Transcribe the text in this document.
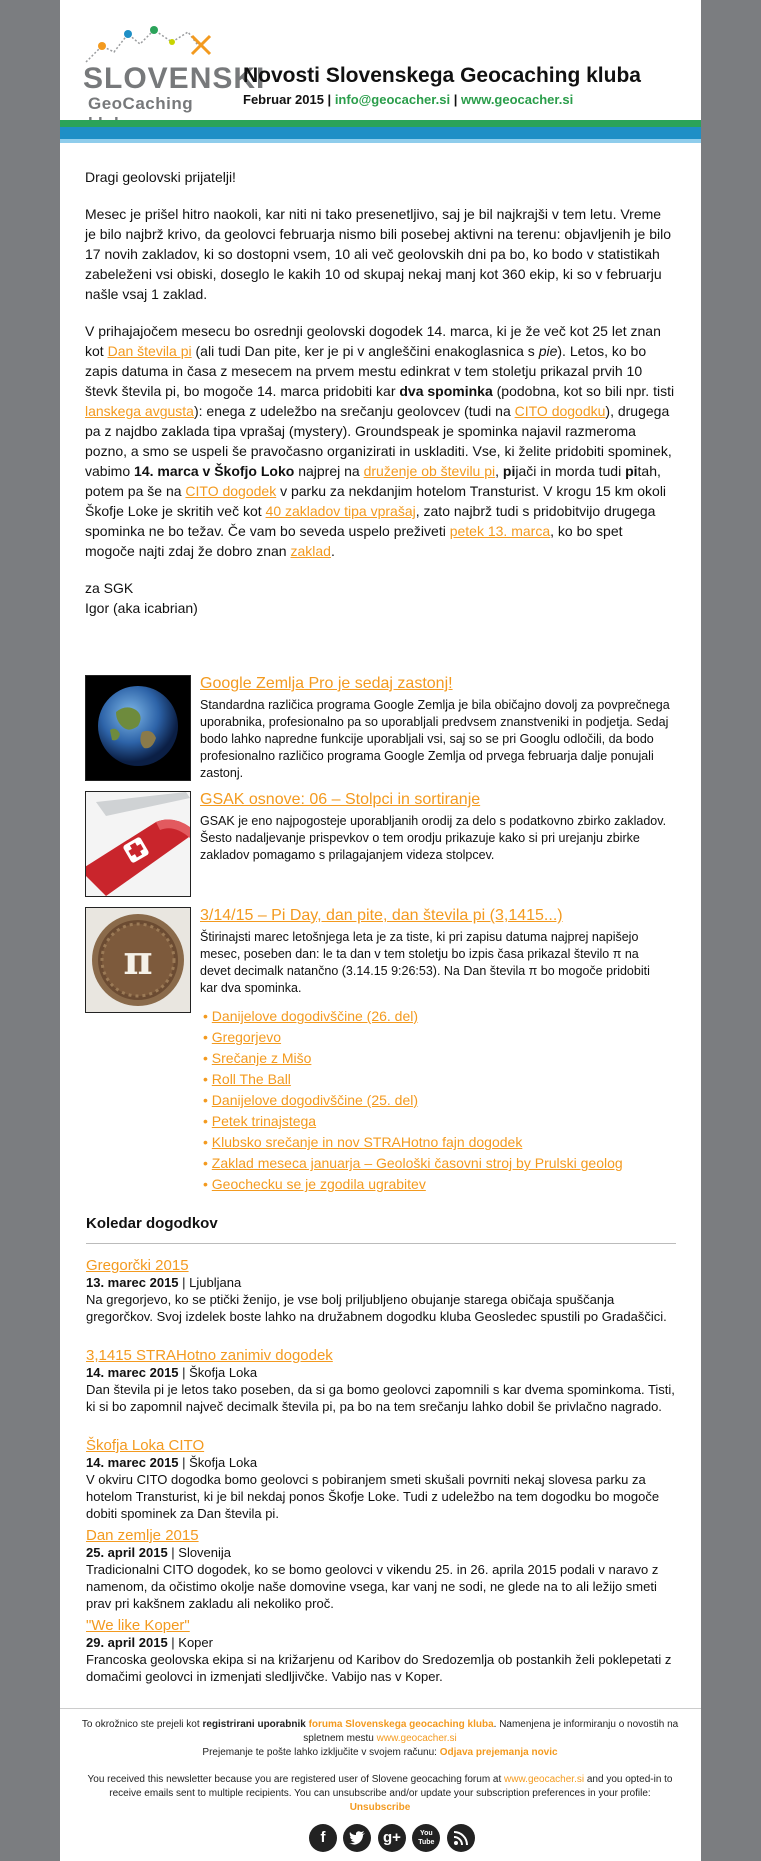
SLOVENSKI
GeoCaching
Novosti Slovenskega Geocaching kluba
Februar 2015 | info@geocacher.si | www.geocacher.si

Dragi geolovski prijatelji!

Mesec je prišel hitro naokoli, kar niti ni tako presenetljivo, saj je bil najkrajši v tem letu. Vreme je bilo najbrž krivo, da geolovci februarja nismo bili posebej aktivni na terenu: objavljenih je bilo 17 novih zakladov, ki so dostopni vsem, 10 ali več geolovskih dni pa bo, ko bodo v statistikah zabeleženi vsi obiski, doseglo le kakih 10 od skupaj nekaj manj kot 360 ekip, ki so v februarju našle vsaj 1 zaklad.

V prihajajočem mesecu bo osrednji geolovski dogodek 14. marca, ki je že več kot 25 let znan kot Dan števila pi (ali tudi Dan pite, ker je pi v angleščini enakoglasnica s pie). Letos, ko bo zapis datuma in časa z mesecem na prvem mestu edinkrat v tem stoletju prikazal prvih 10 števk števila pi, bo mogoče 14. marca pridobiti kar dva spominka (podobna, kot so bili npr. tisti lanskega avgusta): enega z udeležbo na srečanju geolovcev (tudi na CITO dogodku), drugega pa z najdbo zaklada tipa vprašaj (mystery). Groundspeak je spominka najavil razmeroma pozno, a smo se uspeli še pravočasno organizirati in uskladiti. Vse, ki želite pridobiti spominek, vabimo 14. marca v Škofjo Loko najprej na druženje ob številu pi, pijači in morda tudi pitah, potem pa še na CITO dogodek v parku za nekdanjim hotelom Transturist. V krogu 15 km okoli Škofje Loke je skritih več kot 40 zakladov tipa vprašaj, zato najbrž tudi s pridobitvijo drugega spominka ne bo težav. Če vam bo seveda uspelo preživeti petek 13. marca, ko bo spet mogoče najti zdaj že dobro znan zaklad.

za SGK
Igor (aka icabrian)
Google Zemlja Pro je sedaj zastonj!
Standardna različica programa Google Zemlja je bila običajno dovolj za povprečnega uporabnika, profesionalno pa so uporabljali predvsem znanstveniki in podjetja. Sedaj bodo lahko napredne funkcije uporabljali vsi, saj so se pri Googlu odločili, da bodo profesionalno različico programa Google Zemlja od prvega februarja dalje ponujali zastonj.
GSAK osnove: 06 – Stolpci in sortiranje
GSAK je eno najpogosteje uporabljanih orodij za delo s podatkovno zbirko zakladov. Šesto nadaljevanje prispevkov o tem orodju prikazuje kako si pri urejanju zbirke zakladov pomagamo s prilagajanjem videza stolpcev.
π
3/14/15 – Pi Day, dan pite, dan števila pi (3,1415...)
Štirinajsti marec letošnjega leta je za tiste, ki pri zapisu datuma najprej napišejo mesec, poseben dan: le ta dan v tem stoletju bo izpis časa prikazal število π na devet decimalk natančno (3.14.15 9:26:53). Na Dan števila π bo mogoče pridobiti kar dva spominka.
• Danijelove dogodivščine (26. del)
• Gregorjevo
• Srečanje z Mišo
• Roll The Ball
• Danijelove dogodivščine (25. del)
• Petek trinajstega
• Klubsko srečanje in nov STRAHotno fajn dogodek
• Zaklad meseca januarja – Geološki časovni stroj by Prulski geolog
• Geochecku se je zgodila ugrabitev
Koledar dogodkov
Gregorčki 2015
13. marec 2015 | Ljubljana
Na gregorjevo, ko se ptički ženijo, je vse bolj priljubljeno obujanje starega običaja spuščanja gregorčkov. Svoj izdelek boste lahko na družabnem dogodku kluba Geosledec spustili po Gradaščici.
3,1415 STRAHotno zanimiv dogodek
14. marec 2015 | Škofja Loka
Dan števila pi je letos tako poseben, da si ga bomo geolovci zapomnili s kar dvema spominkoma. Tisti, ki si bo zapomnil največ decimalk števila pi, pa bo na tem srečanju lahko dobil še privlačno nagrado.
Škofja Loka CITO
14. marec 2015 | Škofja Loka
V okviru CITO dogodka bomo geolovci s pobiranjem smeti skušali povrniti nekaj slovesa parku za hotelom Transturist, ki je bil nekdaj ponos Škofje Loke. Tudi z udeležbo na tem dogodku bo mogoče dobiti spominek za Dan števila pi.
Dan zemlje 2015
25. april 2015 | Slovenija
Tradicionalni CITO dogodek, ko se bomo geolovci v vikendu 25. in 26. aprila 2015 podali v naravo z namenom, da očistimo okolje naše domovine vsega, kar vanj ne sodi, ne glede na to ali ležijo smeti prav pri kakšnem zakladu ali nekoliko proč.
"We like Koper"
29. april 2015 | Koper
Francoska geolovska ekipa si na križarjenu od Karibov do Sredozemlja ob postankih želi poklepetati z domačimi geolovci in izmenjati sledljivčke. Vabijo nas v Koper.
To okrožnico ste prejeli kot registrirani uporabnik foruma Slovenskega geocaching kluba. Namenjena je informiranju o novostih na spletnem mestu www.geocacher.si
Prejemanje te pošte lahko izključite v svojem računu: Odjava prejemanja novic
You received this newsletter because you are registered user of Slovene geocaching forum at www.geocacher.si and you opted-in to receive emails sent to multiple recipients. You can unsubscribe and/or update your subscription preferences in your profile: Unsubscribe
f	g+	You Tube
